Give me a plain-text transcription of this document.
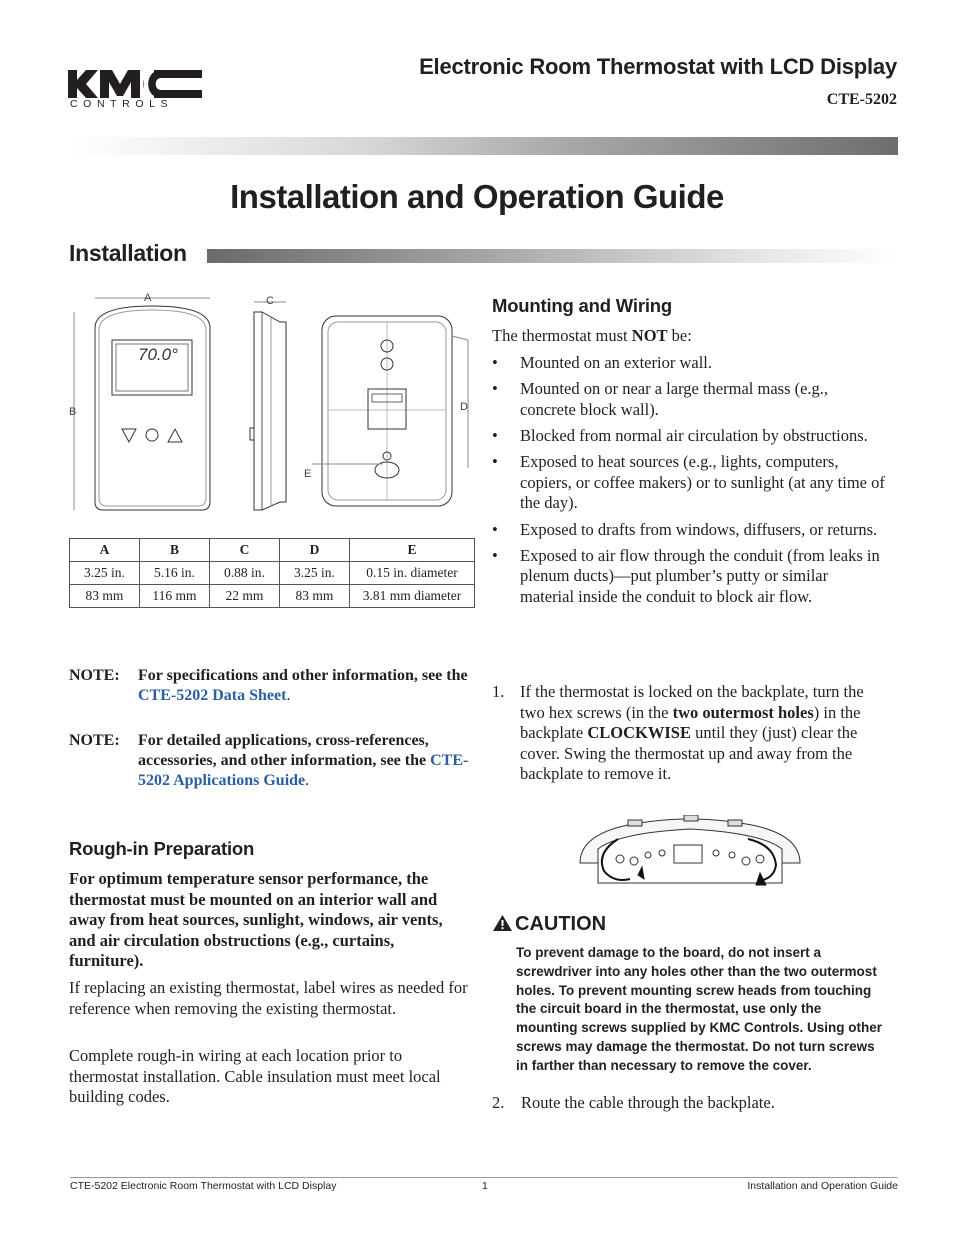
CONTROLS
Electronic Room Thermostat with LCD Display
CTE-5202
Installation and Operation Guide
Installation
A
B
70.0°
C
D
E
A	B	C	D	E
3.25 in.	5.16 in.	0.88 in.	3.25 in.	0.15 in. diameter
83 mm	116 mm	22 mm	83 mm	3.81 mm diameter
NOTE: For specifications and other information, see the CTE-5202 Data Sheet.
NOTE: For detailed applications, cross-references, accessories, and other information, see the CTE-5202 Applications Guide.
Rough-in Preparation

For optimum temperature sensor performance, the thermostat must be mounted on an interior wall and away from heat sources, sunlight, windows, air vents, and air circulation obstructions (e.g., curtains, furniture).

If replacing an existing thermostat, label wires as needed for reference when removing the existing thermostat.

Complete rough-in wiring at each location prior to thermostat installation. Cable insulation must meet local building codes.

Mounting and Wiring

The thermostat must NOT be:

• Mounted on an exterior wall.
• Mounted on or near a large thermal mass (e.g., concrete block wall).
• Blocked from normal air circulation by obstructions.
• Exposed to heat sources (e.g., lights, computers, copiers, or coffee makers) or to sunlight (at any time of the day).
• Exposed to drafts from windows, diffusers, or returns.
• Exposed to air flow through the conduit (from leaks in plenum ducts)—put plumber’s putty or similar material inside the conduit to block air flow.
1. If the thermostat is locked on the backplate, turn the two hex screws (in the two outermost holes) in the backplate CLOCKWISE until they (just) clear the cover. Swing the thermostat up and away from the backplate to remove it.
CAUTION
To prevent damage to the board, do not insert a screwdriver into any holes other than the two outermost holes. To prevent mounting screw heads from touching the circuit board in the thermostat, use only the mounting screws supplied by KMC Controls. Using other screws may damage the thermostat. Do not turn screws in farther than necessary to remove the cover.
2. Route the cable through the backplate.
CTE-5202 Electronic Room Thermostat with LCD Display	1	Installation and Operation Guide
